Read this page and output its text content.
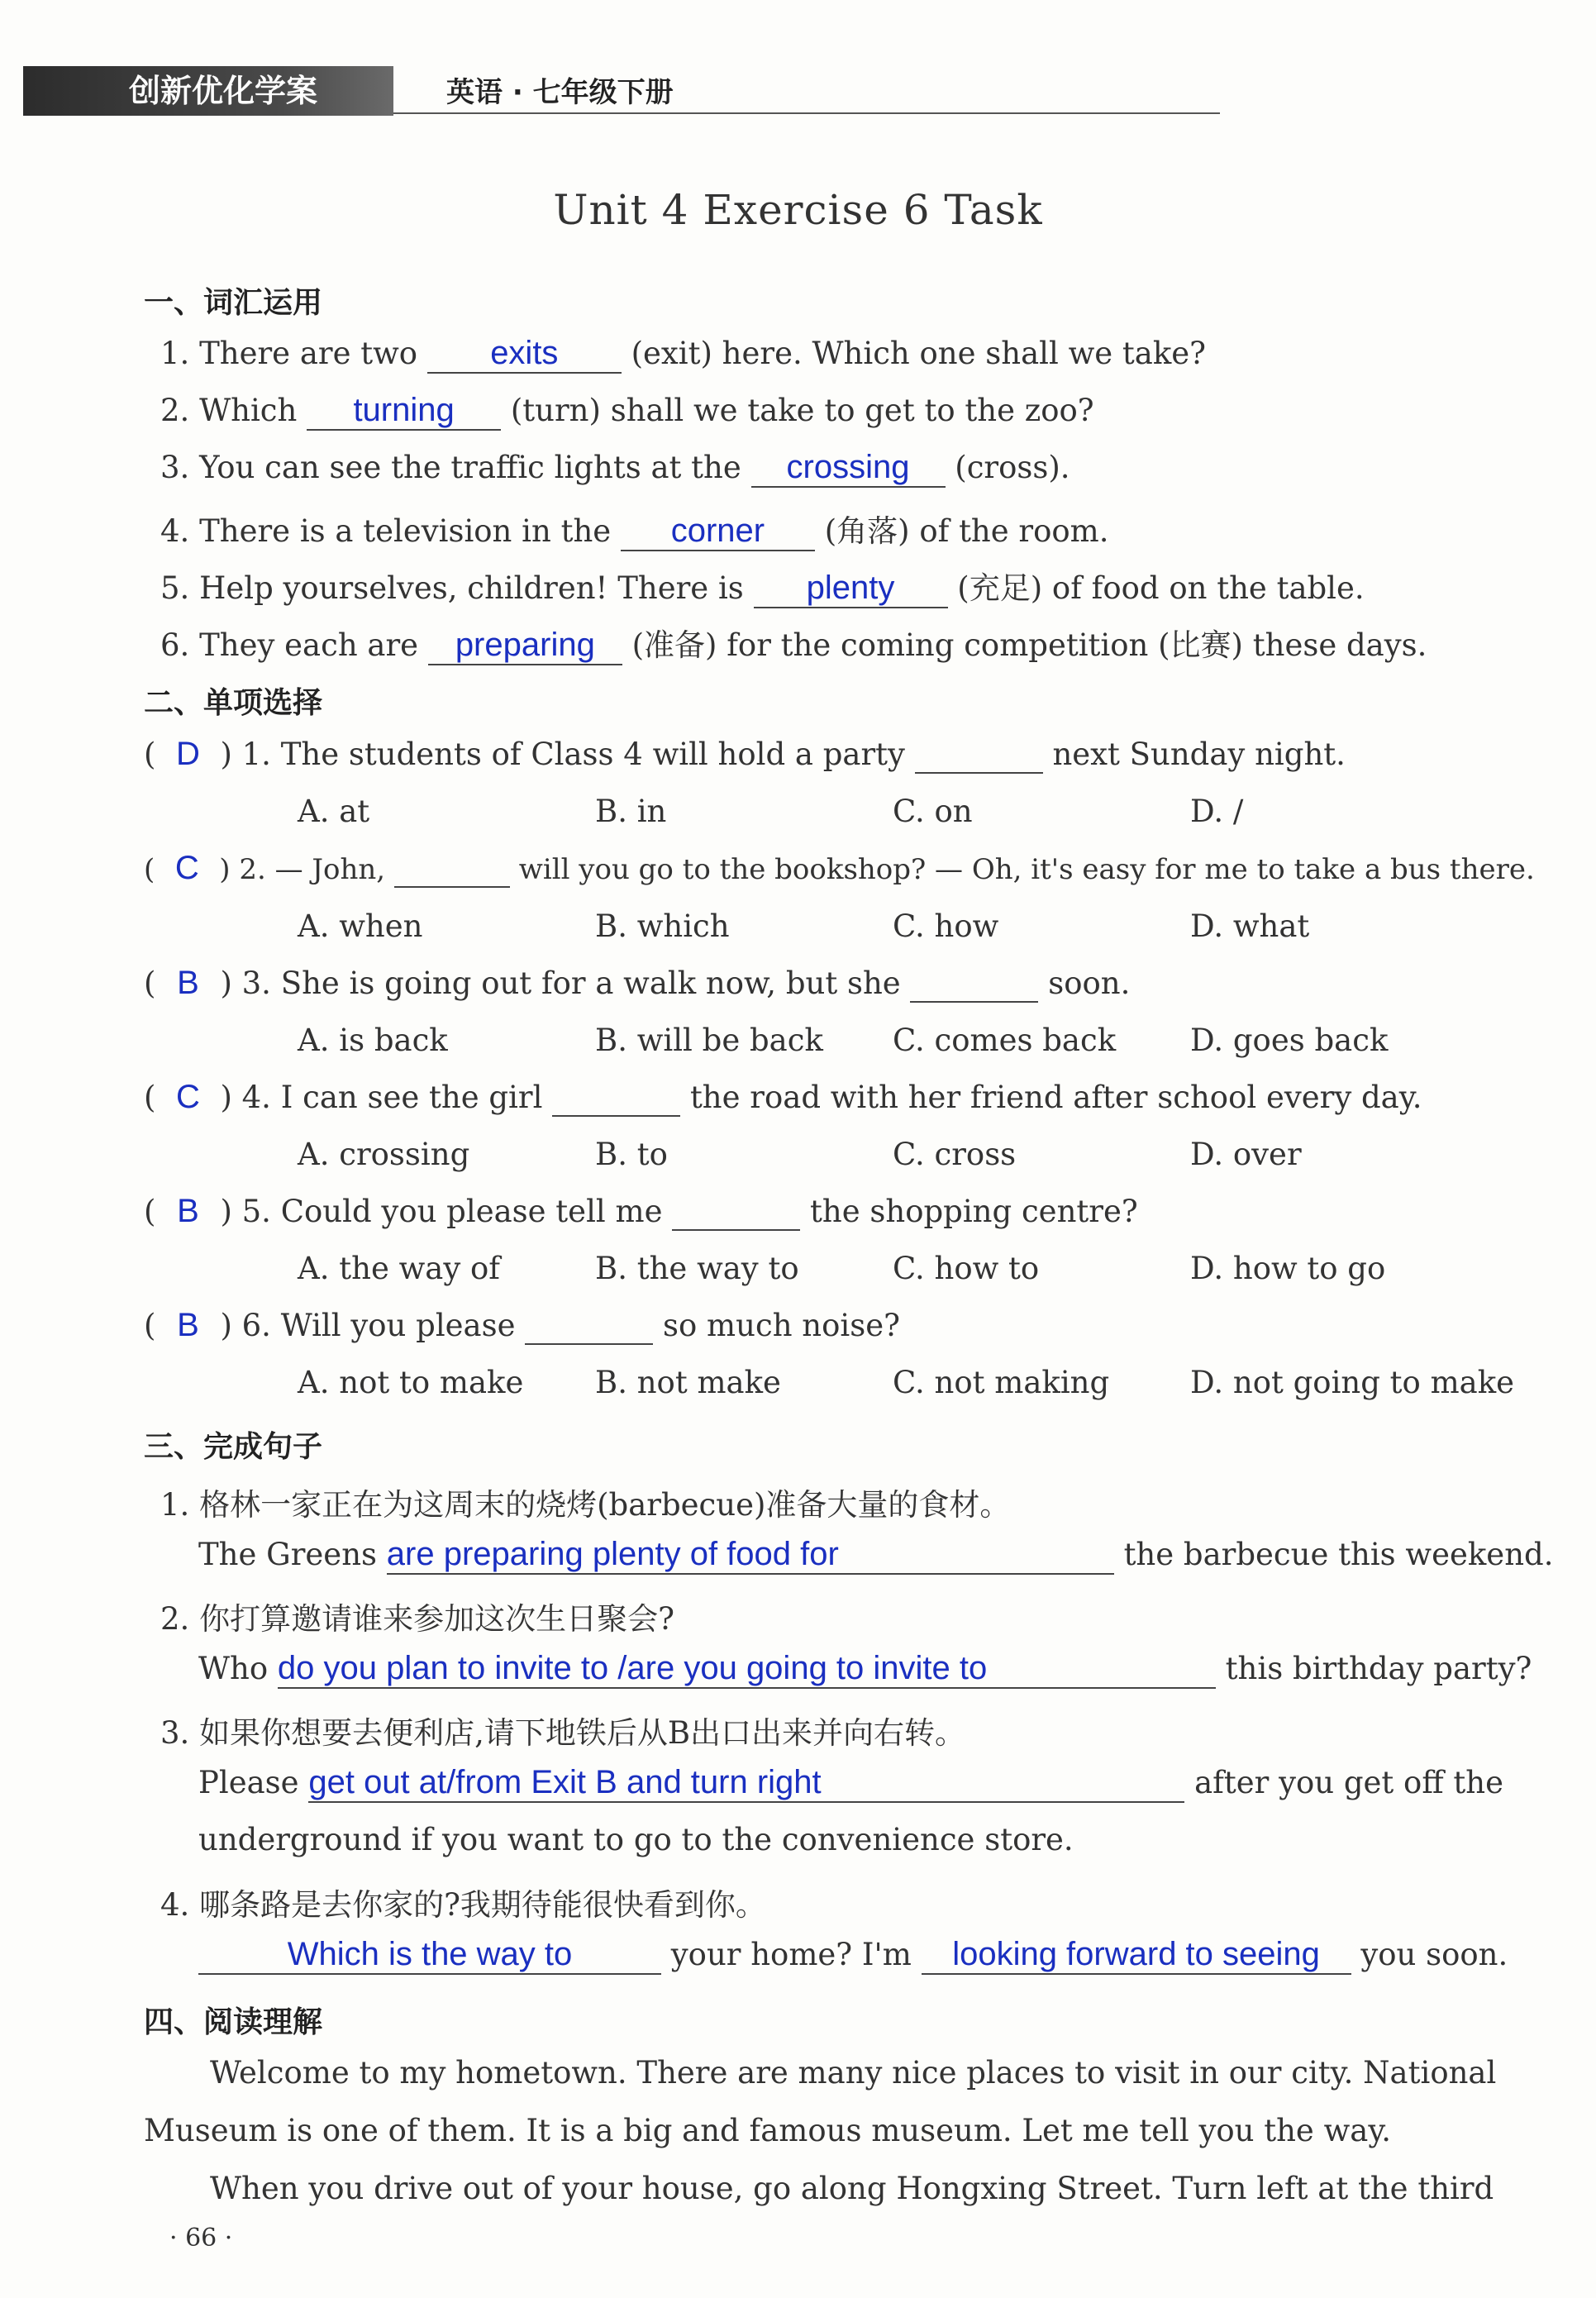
创新优化学案	英语 · 七年级下册
Unit 4 Exercise 6 Task
一、词汇运用
1. There are two exits (exit) here. Which one shall we take?
2. Which turning (turn) shall we take to get to the zoo?
3. You can see the traffic lights at the crossing (cross).
4. There is a television in the corner (角落) of the room.
5. Help yourselves, children! There is plenty (充足) of food on the table.
6. They each are preparing (准备) for the coming competition (比赛) these days.
二、单项选择
( D ) 1. The students of Class 4 will hold a party	next Sunday night.
A. at	B. in	C. on	D. /
( C ) 2. — John,	will you go to the bookshop? — Oh, it's easy for me to take a bus there.
A. when	B. which	C. how	D. what
( B ) 3. She is going out for a walk now, but she	soon.
A. is back	B. will be back C. comes back D. goes back
( C ) 4. I can see the girl	the road with her friend after school every day.
A. crossing	B. to	C. cross	D. over
( B ) 5. Could you please tell me	the shopping centre?
A. the way of	B. the way to	C. how to	D. how to go
( B ) 6. Will you please	so much noise?
A. not to make B. not make	C. not making	D. not going to make
三、完成句子
1. 格林一家正在为这周末的烧烤(barbecue)准备大量的食材。
The Greens are preparing plenty of food for	the barbecue this weekend.
2. 你打算邀请谁来参加这次生日聚会?
Who do you plan to invite to /are you going to invite to	this birthday party?
3. 如果你想要去便利店,请下地铁后从B出口出来并向右转。
Please get out at/from Exit B and turn right	after you get off the
underground if you want to go to the convenience store.
4. 哪条路是去你家的?我期待能很快看到你。
Which is the way to	your home? I'm looking forward to seeing you soon.
四、阅读理解
Welcome to my hometown. There are many nice places to visit in our city. National
Museum is one of them. It is a big and famous museum. Let me tell you the way.
When you drive out of your house, go along Hongxing Street. Turn left at the third
· 66 ·
